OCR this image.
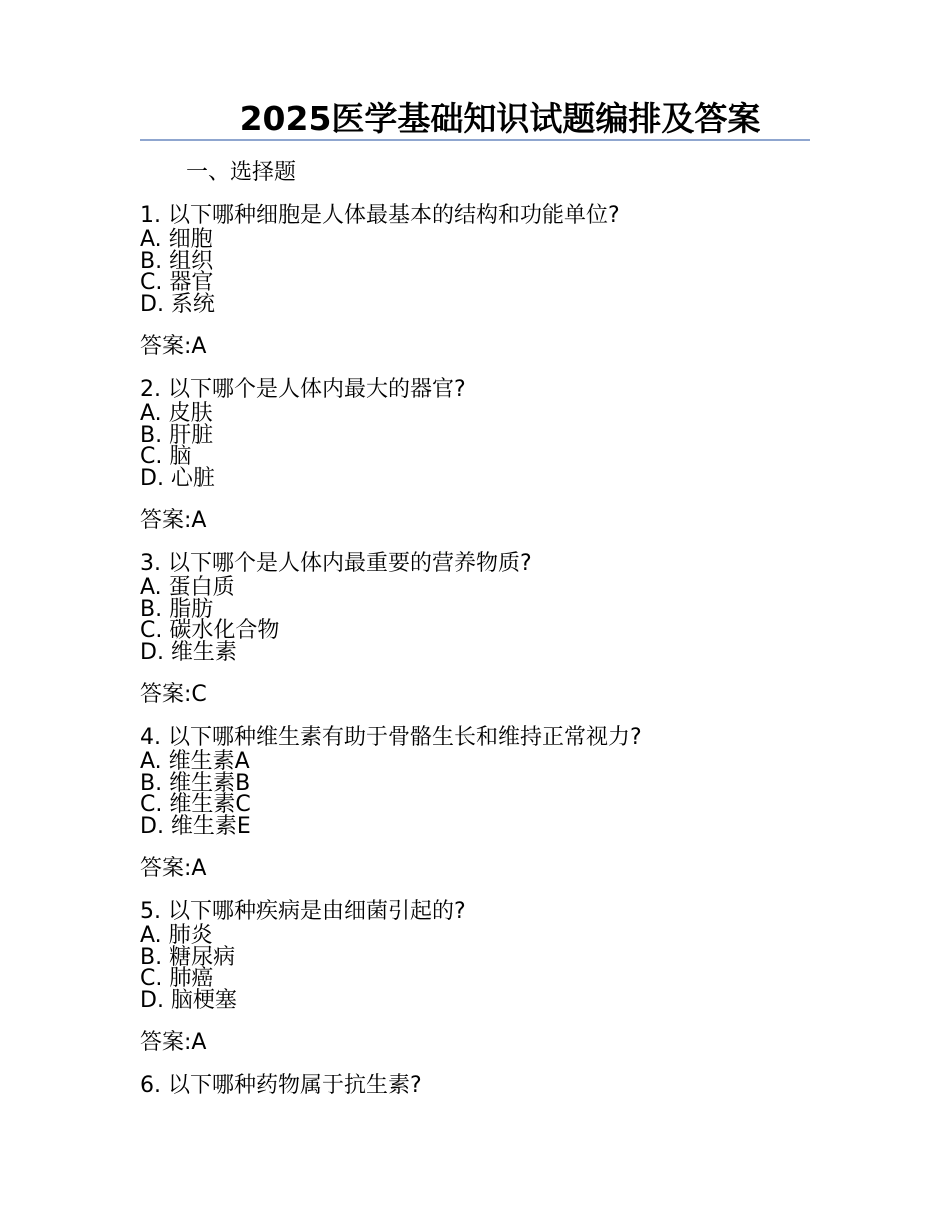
2025医学基础知识试题编排及答案
一、选择题
1. 以下哪种细胞是人体最基本的结构和功能单位?
A. 细胞
B. 组织
C. 器官
D. 系统
答案:A
2. 以下哪个是人体内最大的器官?
A. 皮肤
B. 肝脏
C. 脑
D. 心脏
答案:A
3. 以下哪个是人体内最重要的营养物质?
A. 蛋白质
B. 脂肪
C. 碳水化合物
D. 维生素
答案:C
4. 以下哪种维生素有助于骨骼生长和维持正常视力?
A. 维生素A
B. 维生素B
C. 维生素C
D. 维生素E
答案:A
5. 以下哪种疾病是由细菌引起的?
A. 肺炎
B. 糖尿病
C. 肺癌
D. 脑梗塞
答案:A
6. 以下哪种药物属于抗生素?
